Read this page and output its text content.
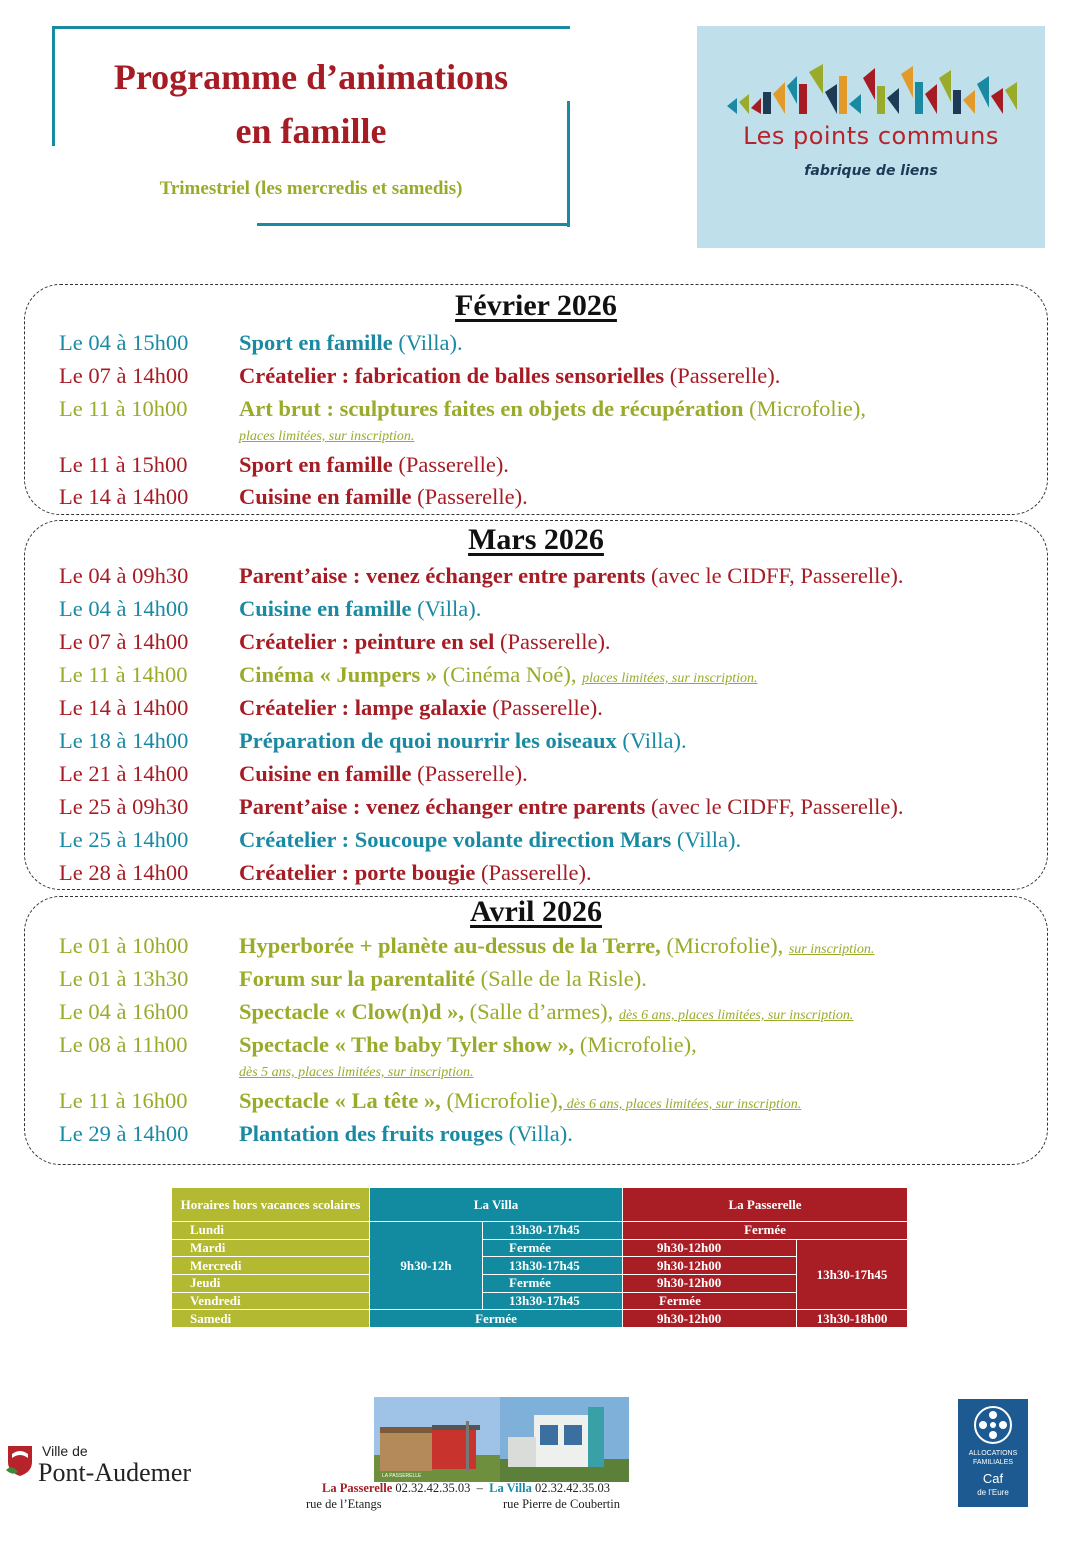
Programme d’animations
en famille
Trimestriel (les mercredis et samedis)
Les points communs
fabrique de liens
Février 2026
Le 04 à 15h00 Sport en famille (Villa).
Le 07 à 14h00 Créatelier : fabrication de balles sensorielles (Passerelle).
Le 11 à 10h00 Art brut : sculptures faites en objets de récupération (Microfolie),
places limitées, sur inscription.
Le 11 à 15h00 Sport en famille (Passerelle).
Le 14 à 14h00 Cuisine en famille (Passerelle).
Mars 2026
Le 04 à 09h30 Parent’aise : venez échanger entre parents (avec le CIDFF, Passerelle).
Le 04 à 14h00 Cuisine en famille (Villa).
Le 07 à 14h00 Créatelier : peinture en sel (Passerelle).
Le 11 à 14h00 Cinéma « Jumpers » (Cinéma Noé), places limitées, sur inscription.
Le 14 à 14h00 Créatelier : lampe galaxie (Passerelle).
Le 18 à 14h00 Préparation de quoi nourrir les oiseaux (Villa).
Le 21 à 14h00 Cuisine en famille (Passerelle).
Le 25 à 09h30 Parent’aise : venez échanger entre parents (avec le CIDFF, Passerelle).
Le 25 à 14h00 Créatelier : Soucoupe volante direction Mars (Villa).
Le 28 à 14h00 Créatelier : porte bougie (Passerelle).
Avril 2026
Le 01 à 10h00 Hyperborée + planète au-dessus de la Terre, (Microfolie), sur inscription.
Le 01 à 13h30 Forum sur la parentalité (Salle de la Risle).
Le 04 à 16h00 Spectacle « Clow(n)d », (Salle d’armes), dès 6 ans, places limitées, sur inscription.
Le 08 à 11h00 Spectacle « The baby Tyler show », (Microfolie),
dès 5 ans, places limitées, sur inscription.
Le 11 à 16h00 Spectacle « La tête », (Microfolie), dès 6 ans, places limitées, sur inscription.
Le 29 à 14h00 Plantation des fruits rouges (Villa).
Horaires hors vacances scolaires	La Villa		La Passerelle	
Lundi	9h30-12h	13h30-17h45	Fermée	
Mardi		Fermée	9h30-12h00	13h30-17h45
Mercredi		13h30-17h45	9h30-12h00	
Jeudi		Fermée	9h30-12h00	
Vendredi		13h30-17h45	Fermée	
Samedi	Fermée		9h30-12h00	13h30-18h00
Ville de
Pont-Audemer	LA PASSERELLE
ALLOCATIONS
FAMILIALES
Caf
de l’Eure
La Passerelle 02.32.42.35.03  –  La Villa 02.32.42.35.03
rue de l’Etangs	rue Pierre de Coubertin
